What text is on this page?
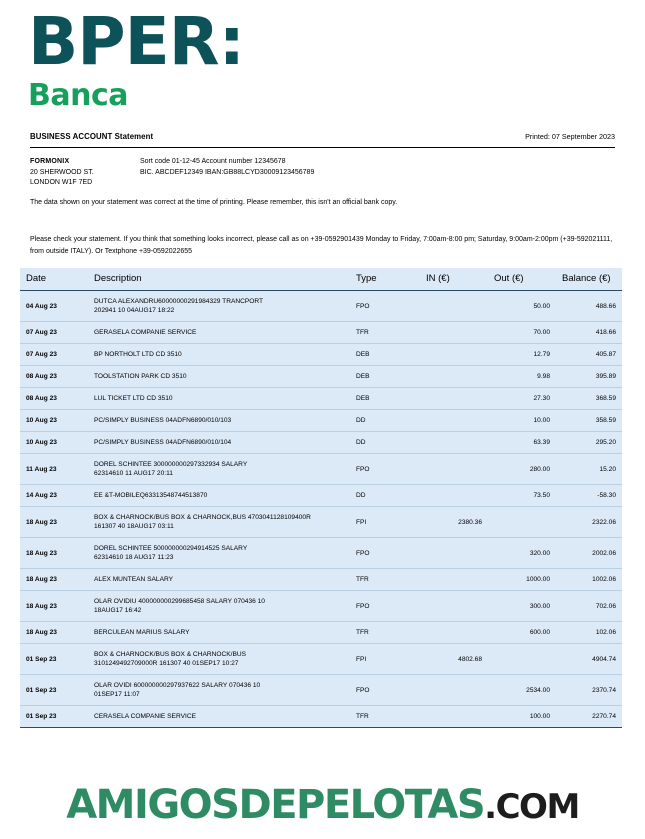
BPER:
Banca
BUSINESS ACCOUNT Statement	Printed: 07 September 2023
FORMONIX
20 SHERWOOD ST.
LONDON W1F 7ED
Sort code 01-12-45 Account number 12345678
BIC. ABCDEF12349 IBAN:GB88LCYD30009123456789
The data shown on your statement was correct at the time of printing. Please remember, this isn't an official bank copy.
Please check your statement. If you think that something looks incorrect, please call as on +39-0592901439 Monday to Friday, 7:00am-8:00 pm; Saturday, 9:00am-2:00pm (+39-592021111, from outside ITALY). Or Textphone +39-0592022655
Date	Description	Type	IN (€)	Out (€)	Balance (€)
04 Aug 23	DUTCA ALEXANDRU60000000291984329 TRANCPORT
202941 10 04AUG17 18:22	FPO		50.00	488.66
07 Aug 23	GERASELA COMPANIE SERVICE	TFR		70.00	418.66
07 Aug 23	BP NORTHOLT LTD CD 3510	DEB		12.79	405.87
08 Aug 23	TOOLSTATION PARK CD 3510	DEB		9.98	395.89
08 Aug 23	LUL TICKET LTD CD 3510	DEB		27.30	368.59
10 Aug 23	PC/SIMPLY BUSINESS 04ADFN6890/010/103	DD		10.00	358.59
10 Aug 23	PC/SIMPLY BUSINESS 04ADFN6890/010/104	DD		63.39	295.20
11 Aug 23	DOREL SCHINTEE 300000000297332934 SALARY
62314610 11 AUG17 20:11	FPO		280.00	15.20
14 Aug 23	EE &T-MOBILEQ63313548744513870	DD		73.50	-58.30
18 Aug 23	BOX & CHARNOCK/BUS BOX & CHARNOCK,BUS 4703041128109400R
161307 40 18AUG17 03:11	FPI	2380.36		2322.06
18 Aug 23	DOREL SCHINTEE 500000000294914525 SALARY
62314610 18 AUG17 11:23	FPO		320.00	2002.06
18 Aug 23	ALEX MUNTEAN SALARY	TFR		1000.00	1002.06
18 Aug 23	OLAR OVIDIU 400000000299685458 SALARY 070436 10
18AUG17 16:42	FPO		300.00	702.06
18 Aug 23	BERCULEAN MARIUS SALARY	TFR		600.00	102.06
01 Sep 23	BOX & CHARNOCK/BUS BOX & CHARNOCK/BUS
3101249492709000R 161307 40 01SEP17 10:27	FPI	4802.68		4904.74
01 Sep 23	OLAR OVIDI 600000000297937622 SALARY 070436 10
01SEP17 11:07	FPO		2534.00	2370.74
01 Sep 23	CERASELA COMPANIE SERVICE	TFR		100.00	2270.74
AMIGOSDEPELOTAS.COM
